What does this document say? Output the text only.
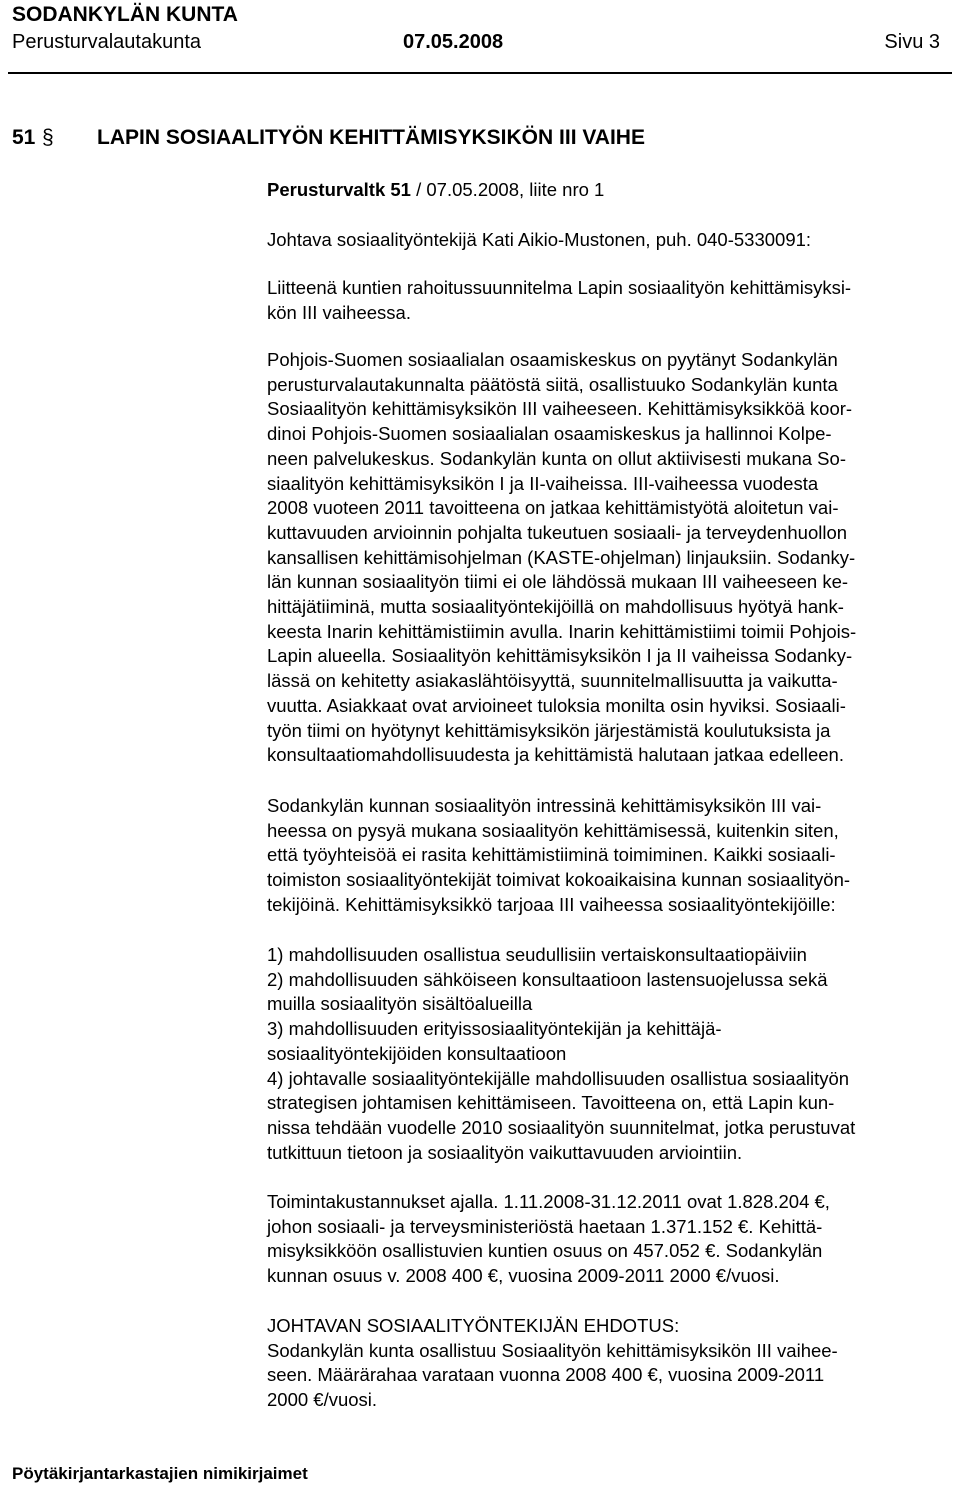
SODANKYLÄN KUNTA
Perusturvalautakunta	07.05.2008	Sivu 3
51 § LAPIN SOSIAALITYÖN KEHITTÄMISYKSIKÖN III VAIHE
Perusturvaltk 51 / 07.05.2008, liite nro 1
Johtava sosiaalityöntekijä Kati Aikio-Mustonen, puh. 040-5330091:
Liitteenä kuntien rahoitussuunnitelma Lapin sosiaalityön kehittämisyksi-
kön III vaiheessa.
Pohjois-Suomen sosiaalialan osaamiskeskus on pyytänyt Sodankylän
perusturvalautakunnalta päätöstä siitä, osallistuuko Sodankylän kunta
Sosiaalityön kehittämisyksikön III vaiheeseen. Kehittämisyksikköä koor-
dinoi Pohjois-Suomen sosiaalialan osaamiskeskus ja hallinnoi Kolpe-
neen palvelukeskus. Sodankylän kunta on ollut aktiivisesti mukana So-
siaalityön kehittämisyksikön I ja II-vaiheissa. III-vaiheessa vuodesta
2008 vuoteen 2011 tavoitteena on jatkaa kehittämistyötä aloitetun vai-
kuttavuuden arvioinnin pohjalta tukeutuen sosiaali- ja terveydenhuollon
kansallisen kehittämisohjelman (KASTE-ohjelman) linjauksiin. Sodanky-
län kunnan sosiaalityön tiimi ei ole lähdössä mukaan III vaiheeseen ke-
hittäjätiiminä, mutta sosiaalityöntekijöillä on mahdollisuus hyötyä hank-
keesta Inarin kehittämistiimin avulla. Inarin kehittämistiimi toimii Pohjois-
Lapin alueella. Sosiaalityön kehittämisyksikön I ja II vaiheissa Sodanky-
lässä on kehitetty asiakaslähtöisyyttä, suunnitelmallisuutta ja vaikutta-
vuutta. Asiakkaat ovat arvioineet tuloksia monilta osin hyviksi. Sosiaali-
työn tiimi on hyötynyt kehittämisyksikön järjestämistä koulutuksista ja
konsultaatiomahdollisuudesta ja kehittämistä halutaan jatkaa edelleen.
Sodankylän kunnan sosiaalityön intressinä kehittämisyksikön III vai-
heessa on pysyä mukana sosiaalityön kehittämisessä, kuitenkin siten,
että työyhteisöä ei rasita kehittämistiiminä toimiminen. Kaikki sosiaali-
toimiston sosiaalityöntekijät toimivat kokoaikaisina kunnan sosiaalityön-
tekijöinä. Kehittämisyksikkö tarjoaa III vaiheessa sosiaalityöntekijöille:
1) mahdollisuuden osallistua seudullisiin vertaiskonsultaatiopäiviin
2) mahdollisuuden sähköiseen konsultaatioon lastensuojelussa sekä
muilla sosiaalityön sisältöalueilla
3) mahdollisuuden erityissosiaalityöntekijän ja kehittäjä-
sosiaalityöntekijöiden konsultaatioon
4) johtavalle sosiaalityöntekijälle mahdollisuuden osallistua sosiaalityön
strategisen johtamisen kehittämiseen. Tavoitteena on, että Lapin kun-
nissa tehdään vuodelle 2010 sosiaalityön suunnitelmat, jotka perustuvat
tutkittuun tietoon ja sosiaalityön vaikuttavuuden arviointiin.
Toimintakustannukset ajalla. 1.11.2008-31.12.2011 ovat 1.828.204 €,
johon sosiaali- ja terveysministeriöstä haetaan 1.371.152 €. Kehittä-
misyksikköön osallistuvien kuntien osuus on 457.052 €. Sodankylän
kunnan osuus v. 2008 400 €, vuosina 2009-2011 2000 €/vuosi.
JOHTAVAN SOSIAALITYÖNTEKIJÄN EHDOTUS:
Sodankylän kunta osallistuu Sosiaalityön kehittämisyksikön III vaihee-
seen. Määrärahaa varataan vuonna 2008 400 €, vuosina 2009-2011
2000 €/vuosi.
Pöytäkirjantarkastajien nimikirjaimet
